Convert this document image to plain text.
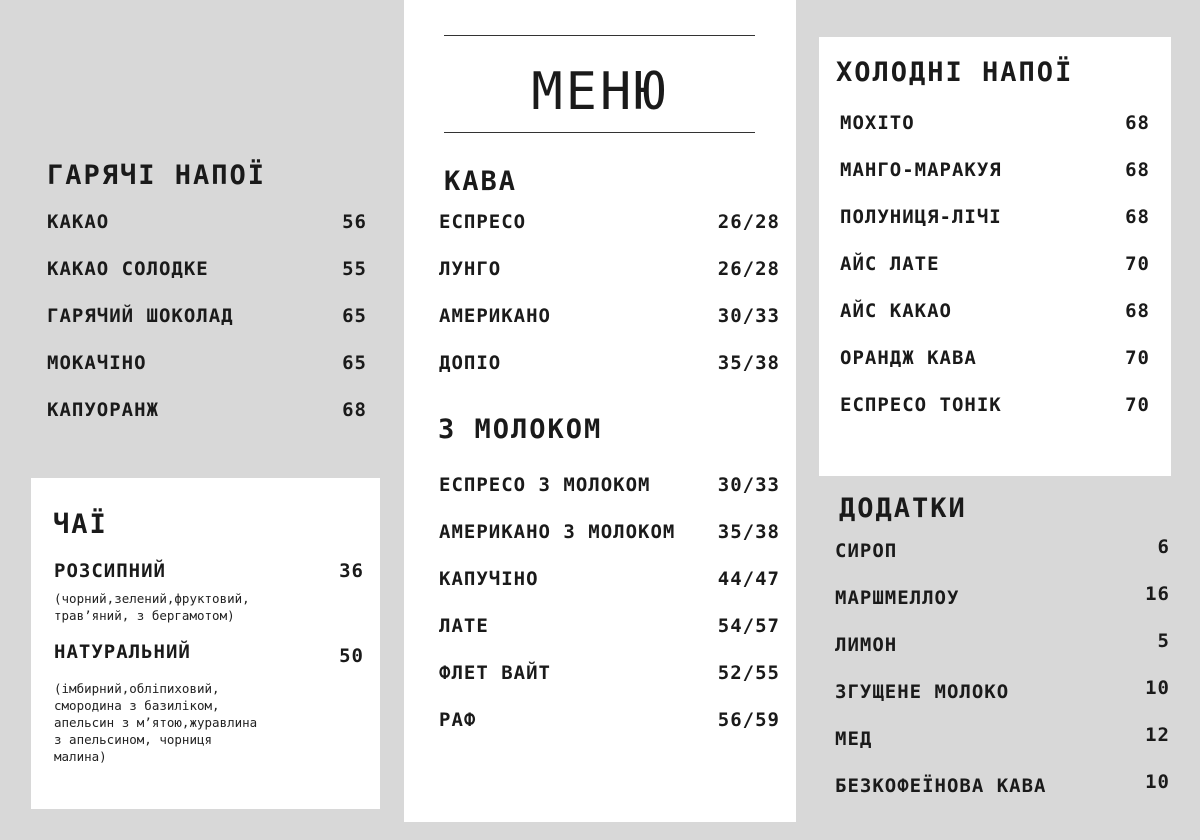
ГАРЯЧІ НАПОЇ
КАКАО	56
КАКАО СОЛОДКЕ	55
ГАРЯЧИЙ ШОКОЛАД	65
МОКАЧІНО	65
КАПУОРАНЖ	68
ЧАЇ
РОЗСИПНИЙ	36
(чорний,зелений,фруктовий,
трав’яний, з бергамотом)
НАТУРАЛЬНИЙ	50
(імбирний,обліпиховий,
смородина з базиліком,
апельсин з м’ятою,журавлина
з апельсином, чорниця
малина)
МЕНЮ
КАВА
ЕСПРЕСО	26/28
ЛУНГО	26/28
АМЕРИКАНО	30/33
ДОПІО	35/38
З МОЛОКОМ
ЕСПРЕСО З МОЛОКОМ	30/33
АМЕРИКАНО З МОЛОКОМ 35/38
КАПУЧІНО	44/47
ЛАТЕ	54/57
ФЛЕТ ВАЙТ	52/55
РАФ	56/59
ХОЛОДНІ НАПОЇ
МОХІТО	68
МАНГО-МАРАКУЯ	68
ПОЛУНИЦЯ-ЛІЧІ	68
АЙС ЛАТЕ	70
АЙС КАКАО	68
ОРАНДЖ КАВА	70
ЕСПРЕСО ТОНІК	70
ДОДАТКИ
СИРОП	6
МАРШМЕЛЛОУ	16
ЛИМОН	5
ЗГУЩЕНЕ МОЛОКО	10
МЕД	12
БЕЗКОФЕЇНОВА КАВА	10
